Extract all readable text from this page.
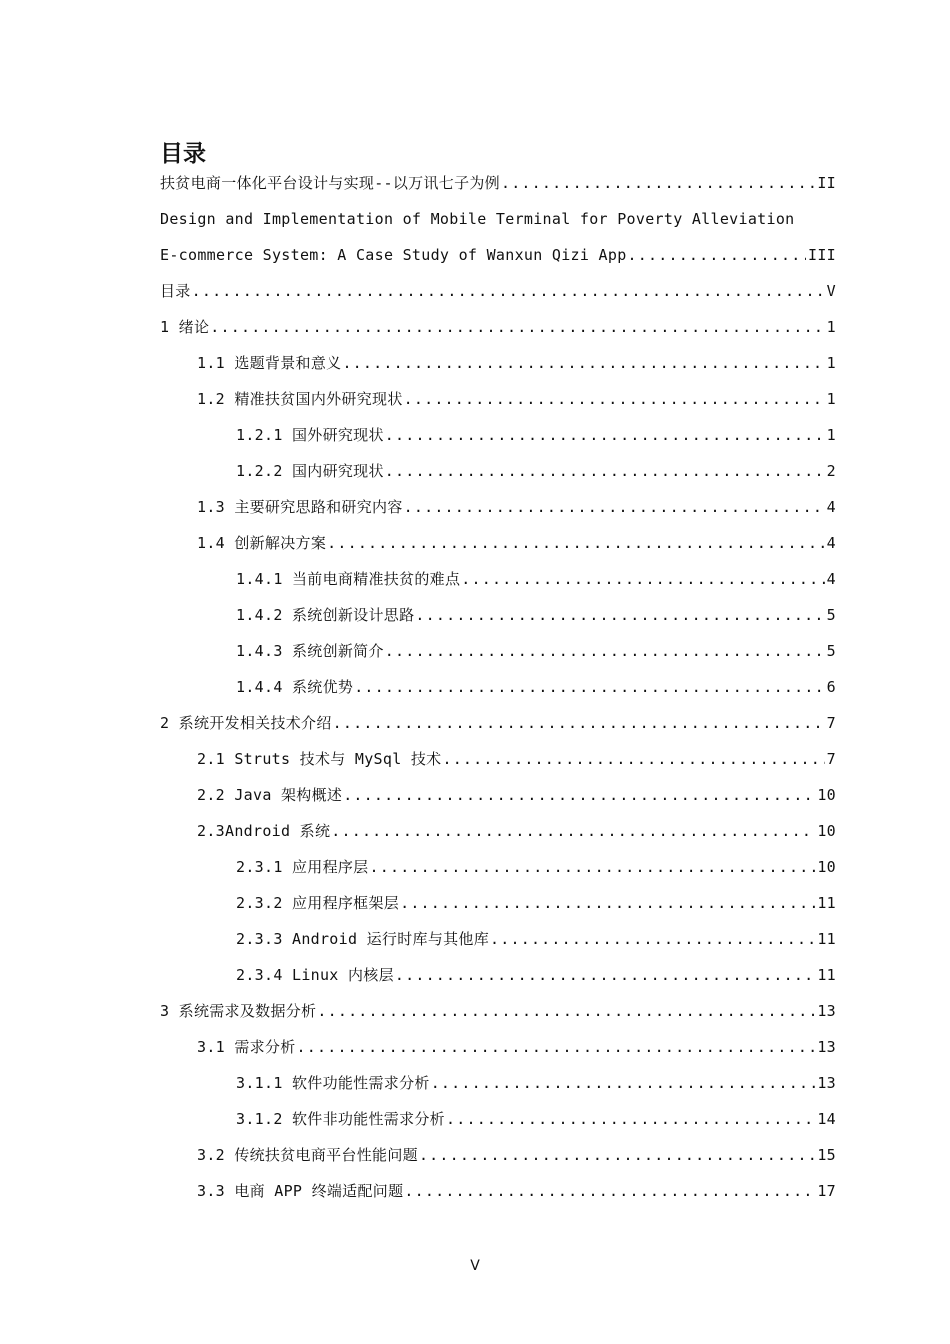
目录
扶贫电商一体化平台设计与实现--以万讯七子为例 .....	II
Design and Implementation of Mobile Terminal for Poverty Alleviation
E-commerce System: A Case Study of Wanxun Qizi App .....	III
目录 .....	V
1 绪论 .....	1
1.1 选题背景和意义 .....	1
1.2 精准扶贫国内外研究现状 .....	1
1.2.1 国外研究现状 .....	1
1.2.2 国内研究现状 .....	2
1.3 主要研究思路和研究内容 .....	4
1.4 创新解决方案 .....	4
1.4.1 当前电商精准扶贫的难点 .....	4
1.4.2 系统创新设计思路 .....	5
1.4.3 系统创新简介 .....	5
1.4.4 系统优势 .....	6
2 系统开发相关技术介绍 .....	7
2.1 Struts 技术与 MySql 技术 .....	7
2.2 Java 架构概述 .....	10
2.3Android 系统 .....	10
2.3.1 应用程序层 .....	10
2.3.2 应用程序框架层 .....	11
2.3.3 Android 运行时库与其他库 .....	11
2.3.4 Linux 内核层 .....	11
3 系统需求及数据分析 .....	13
3.1 需求分析 .....	13
3.1.1 软件功能性需求分析 .....	13
3.1.2 软件非功能性需求分析 .....	14
3.2 传统扶贫电商平台性能问题 .....	15
3.3 电商 APP 终端适配问题 .....	17
V
